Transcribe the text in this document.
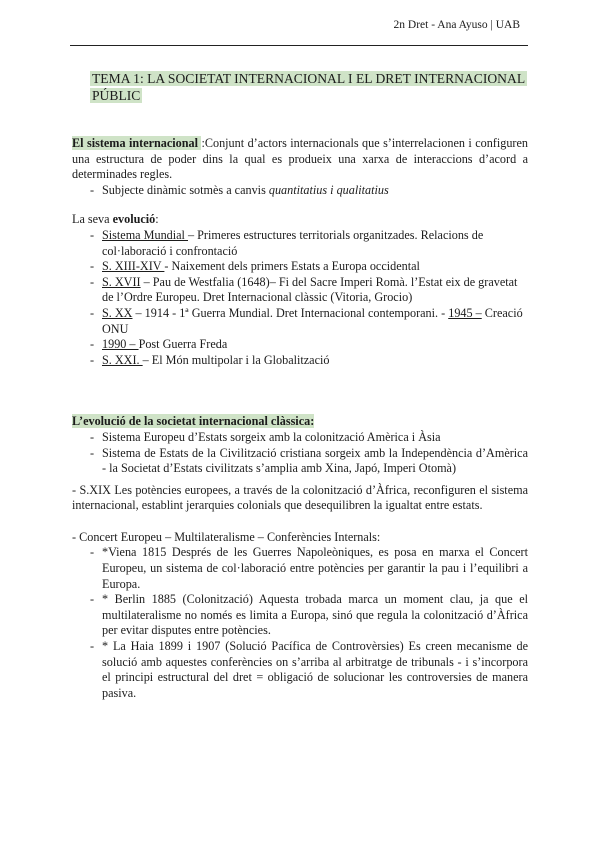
2n Dret - Ana Ayuso | UAB
TEMA 1: LA SOCIETAT INTERNACIONAL I EL DRET INTERNACIONAL
PÚBLIC

El sistema internacional :Conjunt d’actors internacionals que s’interrelacionen i configuren una estructura de poder dins la qual es produeix una xarxa de interaccions d’acord a determinades regles.

- Subjecte dinàmic sotmès a canvis quantitatius i qualitatius

La seva evolució:

- Sistema Mundial – Primeres estructures territorials organitzades. Relacions de col·laboració i confrontació
- S. XIII-XIV - Naixement dels primers Estats a Europa occidental
- S. XVII – Pau de Westfalia (1648)– Fi del Sacre Imperi Romà. l’Estat eix de gravetat de l’Ordre Europeu. Dret Internacional clàssic (Vitoria, Grocio)
- S. XX – 1914 - 1ª Guerra Mundial. Dret Internacional contemporani. - 1945 – Creació ONU
- 1990 – Post Guerra Freda
- S. XXI. – El Món multipolar i la Globalització

L’evolució de la societat internacional clàssica:

- Sistema Europeu d’Estats sorgeix amb la colonització Amèrica i Àsia
- Sistema de Estats de la Civilització cristiana sorgeix amb la Independència d’Amèrica - la Societat d’Estats civilitzats s’amplia amb Xina, Japó, Imperi Otomà)

- S.XIX Les potències europees, a través de la colonització d’Àfrica, reconfiguren el sistema internacional, establint jerarquies colonials que desequilibren la igualtat entre estats.

- Concert Europeu – Multilateralisme – Conferències Internals:

- *Viena 1815 Després de les Guerres Napoleòniques, es posa en marxa el Concert Europeu, un sistema de col·laboració entre potències per garantir la pau i l’equilibri a Europa.
- * Berlin 1885 (Colonització) Aquesta trobada marca un moment clau, ja que el multilateralisme no només es limita a Europa, sinó que regula la colonització d’Àfrica per evitar disputes entre potències.
- * La Haia 1899 i 1907 (Solució Pacífica de Controvèrsies) Es creen mecanisme de solució amb aquestes conferències on s’arriba al arbitratge de tribunals - i s’incorpora el principi estructural del dret = obligació de solucionar les controversies de manera pasiva.
